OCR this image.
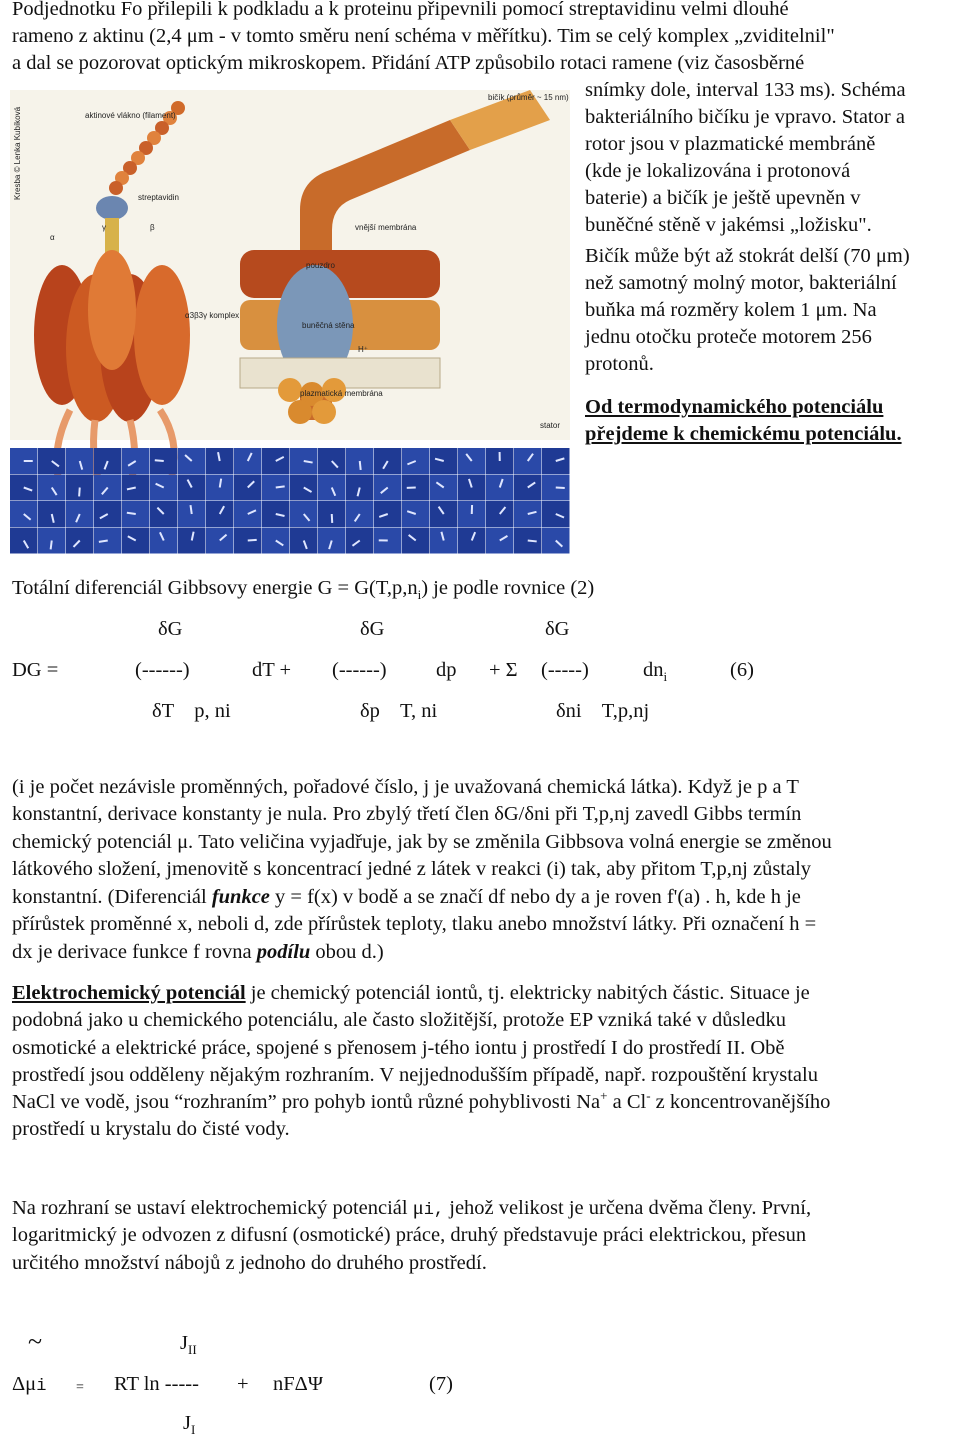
Podjednotku Fo přilepili k podkladu a k proteinu připevnili pomocí streptavidinu velmi dlouhé
rameno z aktinu (2,4 μm - v tomto směru není schéma v měřítku). Tim se celý komplex „zviditelnil"
a dal se pozorovat optickým mikroskopem. Přidání ATP způsobilo rotaci ramene (viz časosběrné
Kresba © Lenka Kubíková	aktinové vlákno (filament)
streptavidin
γ	β
α
α3β3γ komplex
bičík (průměr ~ 15 nm)
vnější membrána
pouzdro
buněčná stěna
H⁺
plazmatická membrána
stator
snímky dole, interval 133 ms). Schéma
bakteriálního bičíku je vpravo. Stator a
rotor jsou v plazmatické membráně
(kde je lokalizována i protonová
baterie) a bičík je ještě upevněn v
buněčné stěně v jakémsi „ložisku".
Bičík může být až stokrát delší (70 μm)
než samotný molný motor, bakteriální
buňka má rozměry kolem 1 μm. Na
jednu otočku proteče motorem 256
protonů.
Od termodynamického potenciálu
přejdeme k chemickému potenciálu.
Totální diferenciál Gibbsovy energie $G = G(T,p,n_i)$ je podle rovnice (2)
δG	δG	δG
DG =	(------)	dT + (------) dp + Σ (-----)	$dn_i$	(6)
δT    p, ni	δp    T, ni	δni    T,p,nj
(i je počet nezávisle proměnných, pořadové číslo, j je uvažovaná chemická látka). Když je p a T
konstantní, derivace konstanty je nula. Pro zbylý třetí člen δG/δni při T,p,nj zavedl Gibbs termín
chemický potenciál μ. Tato veličina vyjadřuje, jak by se změnila Gibbsova volná energie se změnou
látkového složení, jmenovitě s koncentrací jedné z látek v reakci (i) tak, aby přitom T,p,nj zůstaly
konstantní. (Diferenciál funkce y = f(x) v bodě a se značí df nebo dy a je roven f'(a) . h, kde h je
přírůstek proměnné x, neboli d, zde přírůstek teploty, tlaku anebo množství látky. Při označení h =
dx je derivace funkce f rovna podílu obou d.)
Elektrochemický potenciál je chemický potenciál iontů, tj. elektricky nabitých částic. Situace je
podobná jako u chemického potenciálu, ale často složitější, protože EP vzniká také v důsledku
osmotické a elektrické práce, spojené s přenosem j-tého iontu j prostředí I do prostředí II. Obě
prostředí jsou odděleny nějakým rozhraním. V nejjednodušším případě, např. rozpouštění krystalu
NaCl ve vodě, jsou “rozhraním” pro pohyb iontů různé pohyblivosti Na+ a Cl- z koncentrovanějšího
prostředí u krystalu do čisté vody.
Na rozhraní se ustaví elektrochemický potenciál μi, jehož velikost je určena dvěma členy. První,
logaritmický je odvozen z difusní (osmotické) práce, druhý představuje práci elektrickou, přesun
určitého množství nábojů z jednoho do druhého prostředí.
~	$J_{II}$
Δμi = RT ln ----- + nFΔΨ	(7)
$J_I$
